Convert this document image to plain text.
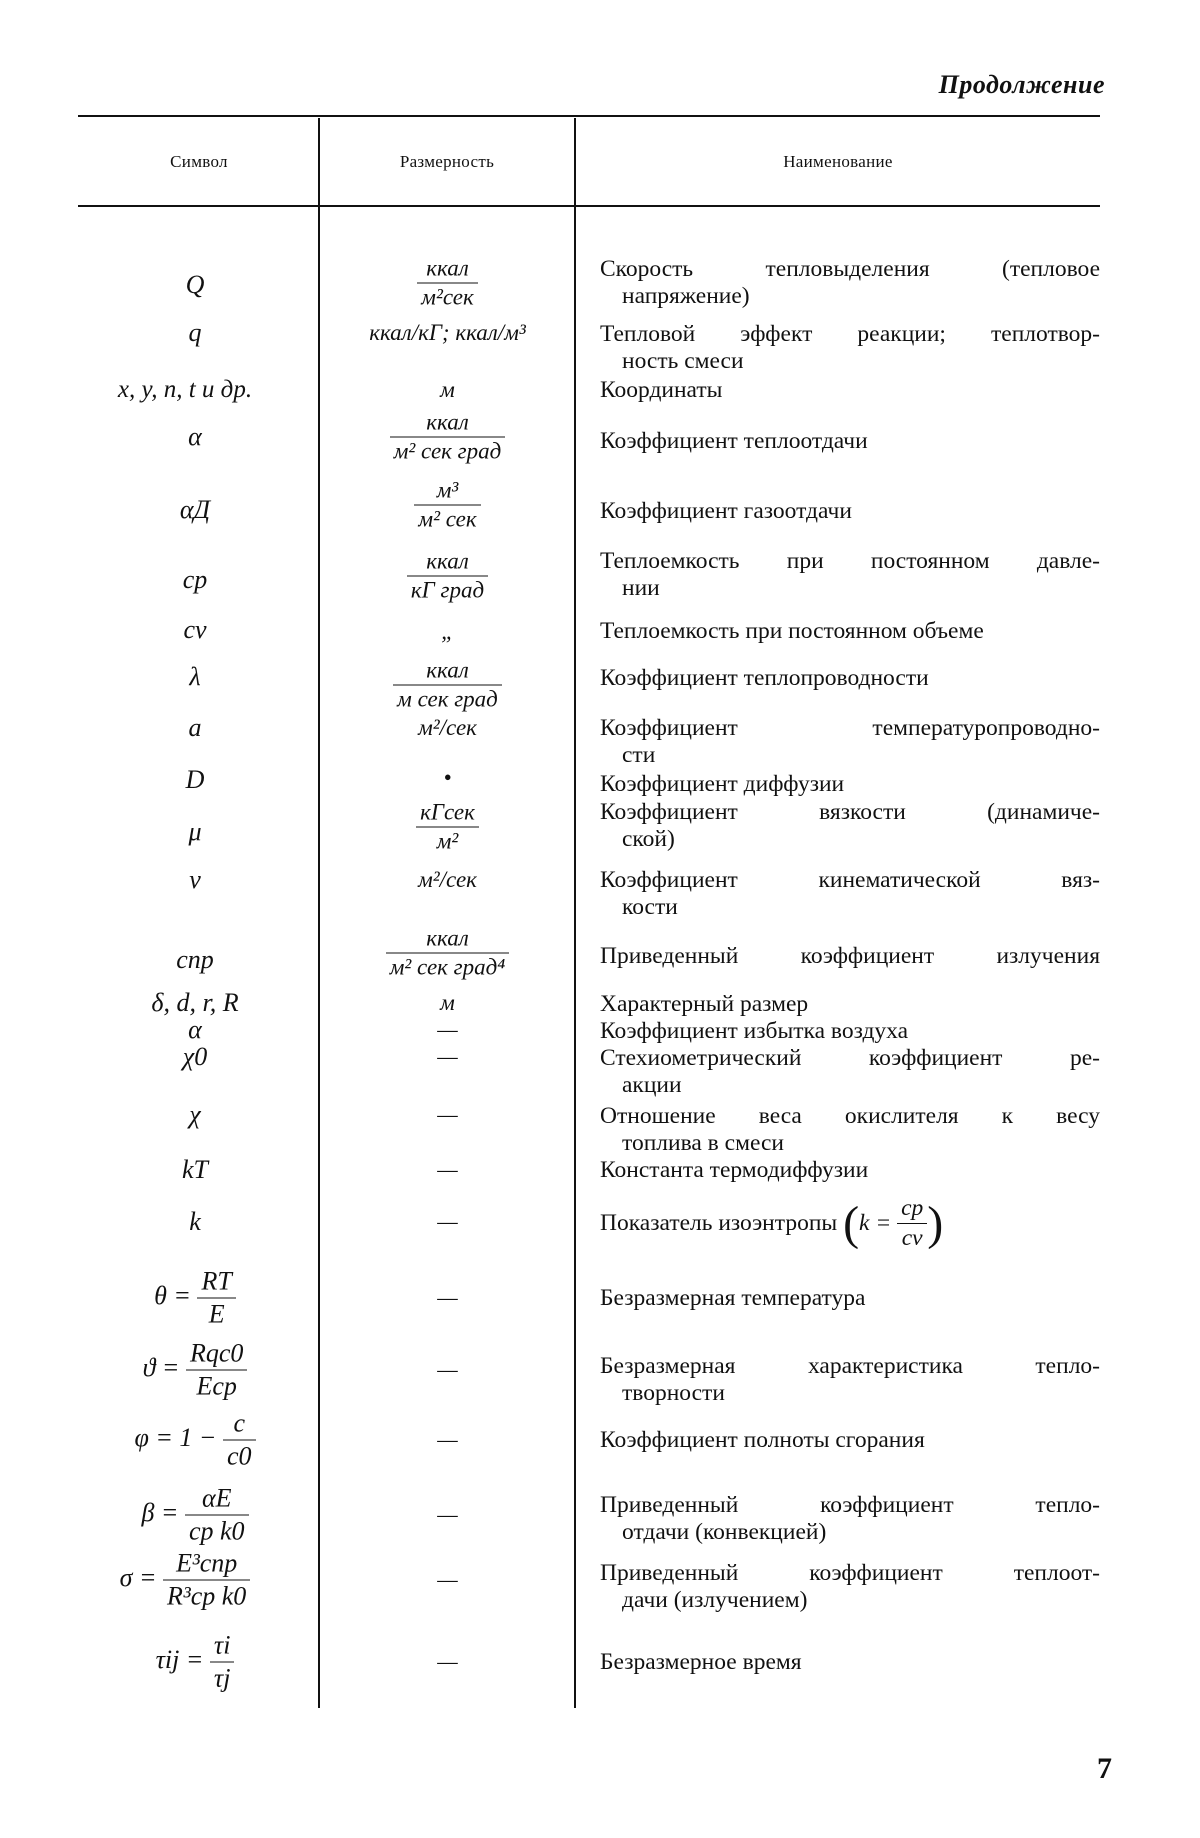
Продолжение
Символ	Размерность	Наименование
Q	$\frac{\text{ккал}}{\text{м²сек}}$	Скорость тепловыделения (тепловое
напряжение)
q	ккал/кГ; ккал/м³	Тепловой эффект реакции; теплотвор-
ность смеси
x, y, n, t и др.	м	Координаты
α	$\frac{\text{ккал}}{\text{м² сек град}}$	Коэффициент теплоотдачи
αД	$\frac{\text{м³}}{\text{м² сек}}$	Коэффициент газоотдачи
cp	$\frac{\text{ккал}}{\text{кГ град}}$	Теплоемкость при постоянном давле-
нии
cv	„	Теплоемкость при постоянном объеме
λ	$\frac{\text{ккал}}{\text{м сек град}}$	Коэффициент теплопроводности
a	м²/сек	Коэффициент температуропроводно-
сти
D	•	Коэффициент диффузии
μ	$\frac{\text{кГсек}}{\text{м²}}$	Коэффициент вязкости (динамиче-
ской)
ν	м²/сек	Коэффициент кинематической вяз-
кости
cпр	$\frac{\text{ккал}}{\text{м² сек град⁴}}$	Приведенный коэффициент излучения
δ, d, r, R	м	Характерный размер
α	—	Коэффициент избытка воздуха
χ0	—	Стехиометрический коэффициент ре-
акции
χ	—	Отношение веса окислителя к весу
топлива в смеси
kT	—	Константа термодиффузии
k	—	Показатель изоэнтропы ($k = \frac{cp}{cv}$ )
$\theta = \frac{RT}{E}$	—	Безразмерная температура
$ϑ = \frac{\text{Rqc0}}{\text{Ecp}}$	—	Безразмерная характеристика тепло-
творности
$\varphi = 1 - \frac{c}{c0}$	—	Коэффициент полноты сгорания
$\beta = \frac{\alpha E}{\text{cp k0}}$	—	Приведенный коэффициент тепло-
отдачи (конвекцией)
$\sigma = \frac{\text{E³cпр}}{\text{R³cp k0}}$	—	Приведенный коэффициент теплоот-
дачи (излучением)
$\tau ij = \frac{\tau i}{\tau j}$	—	Безразмерное время
7
